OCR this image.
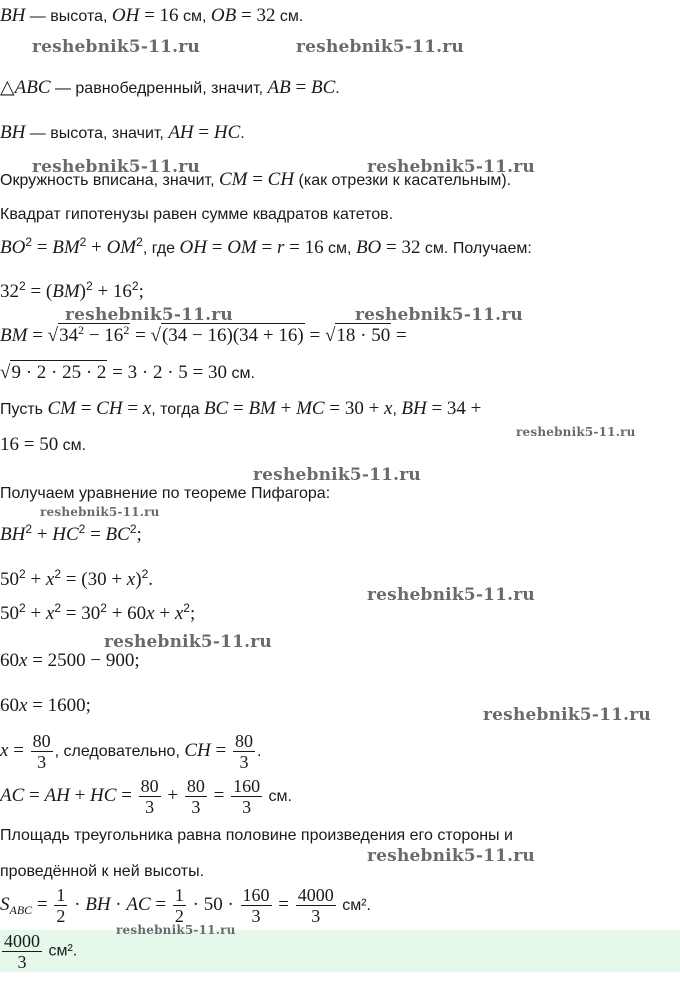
BH — высота, OH = 16 см, OB = 32 см.
△ABC — равнобедренный, значит, AB = BC.
BH — высота, значит, AH = HC.
Окружность вписана, значит, CM = CH (как отрезки к касательным).
Квадрат гипотенузы равен сумме квадратов катетов.
$BO^2 = BM^2 + OM^2$, где OH = OM = r = 16 см, BO = 32 см. Получаем:
$32^2 = (BM)^2 + 16^2$;
BM = $√34^2 - 16^2 = √(34 - 16)(34 + 16) = √18 \cdot 50$ =
√9 · 2 · 25 · 2 = 3 · 2 · 5 = 30 см.
Пусть CM = CH = x, тогда BC = BM + MC = 30 + x, BH = 34 +
16 = 50 см.
Получаем уравнение по теореме Пифагора:
$BH^2 + HC^2 = BC^2$;
$50^2 + x^2 = (30 + x)^2$.
$50^2 + x^2 = 30^2 + 60x + x^2$;
60x = 2500 − 900;
60x = 1600;
$x = \frac{80}{3}$ , следовательно, CH = $\frac{80}{3}$ .
AC = AH + HC = $\frac{80}{3} + \frac{80}{3} = \frac{160}{3}$ см.
Площадь треугольника равна половине произведения его стороны и
проведённой к ней высоты.
$S_{ABC} = \frac{1}{2}$ · BH · AC = $\frac{1}{2} \cdot 50 \cdot \frac{160}{3} = \frac{4000}{3} см^2$.
$\frac{4000}{3} см^2$.
reshebnik5-11.ru	reshebnik5-11.ru
reshebnik5-11.ru	reshebnik5-11.ru
reshebnik5-11.ru	reshebnik5-11.ru
reshebnik5-11.ru
reshebnik5-11.ru
reshebnik5-11.ru
reshebnik5-11.ru
reshebnik5-11.ru
reshebnik5-11.ru
reshebnik5-11.ru
reshebnik5-11.ru
